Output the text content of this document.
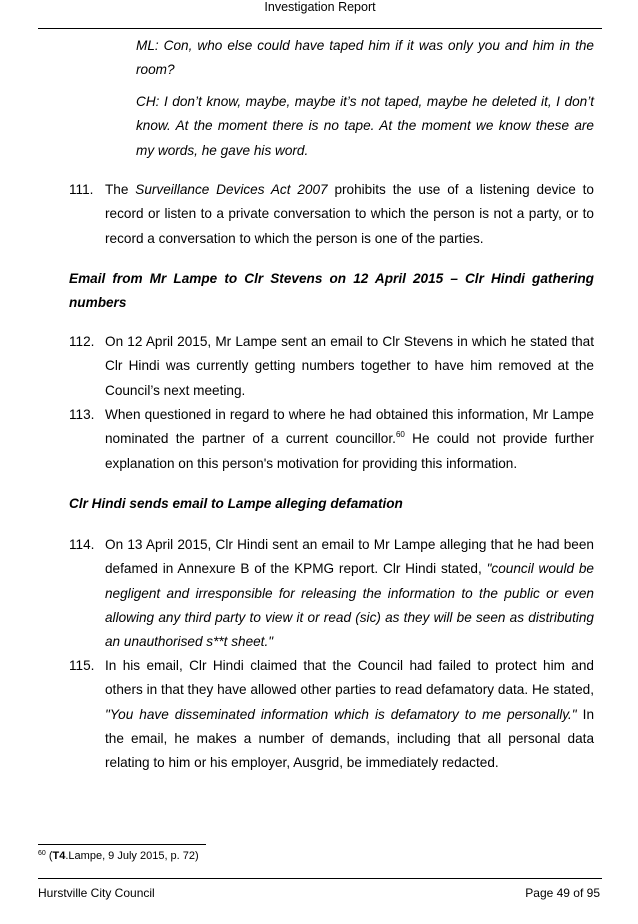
Investigation Report

ML: Con, who else could have taped him if it was only you and him in the room?

CH: I don’t know, maybe, maybe it’s not taped, maybe he deleted it, I don’t know. At the moment there is no tape. At the moment we know these are my words, he gave his word.

111. The Surveillance Devices Act 2007 prohibits the use of a listening device to record or listen to a private conversation to which the person is not a party, or to record a conversation to which the person is one of the parties.
Email from Mr Lampe to Clr Stevens on 12 April 2015 – Clr Hindi gathering numbers
112. On 12 April 2015, Mr Lampe sent an email to Clr Stevens in which he stated that Clr Hindi was currently getting numbers together to have him removed at the Council’s next meeting.
113. When questioned in regard to where he had obtained this information, Mr Lampe nominated the partner of a current councillor.$^{60}$ He could not provide further explanation on this person's motivation for providing this information.
Clr Hindi sends email to Lampe alleging defamation
114. On 13 April 2015, Clr Hindi sent an email to Mr Lampe alleging that he had been defamed in Annexure B of the KPMG report. Clr Hindi stated, "council would be negligent and irresponsible for releasing the information to the public or even allowing any third party to view it or read (sic) as they will be seen as distributing an unauthorised s**t sheet."
115. In his email, Clr Hindi claimed that the Council had failed to protect him and others in that they have allowed other parties to read defamatory data. He stated, "You have disseminated information which is defamatory to me personally." In the email, he makes a number of demands, including that all personal data relating to him or his employer, Ausgrid, be immediately redacted.
$^{60}$ (T4.Lampe, 9 July 2015, p. 72)
Hurstville City Council	Page 49 of 95
